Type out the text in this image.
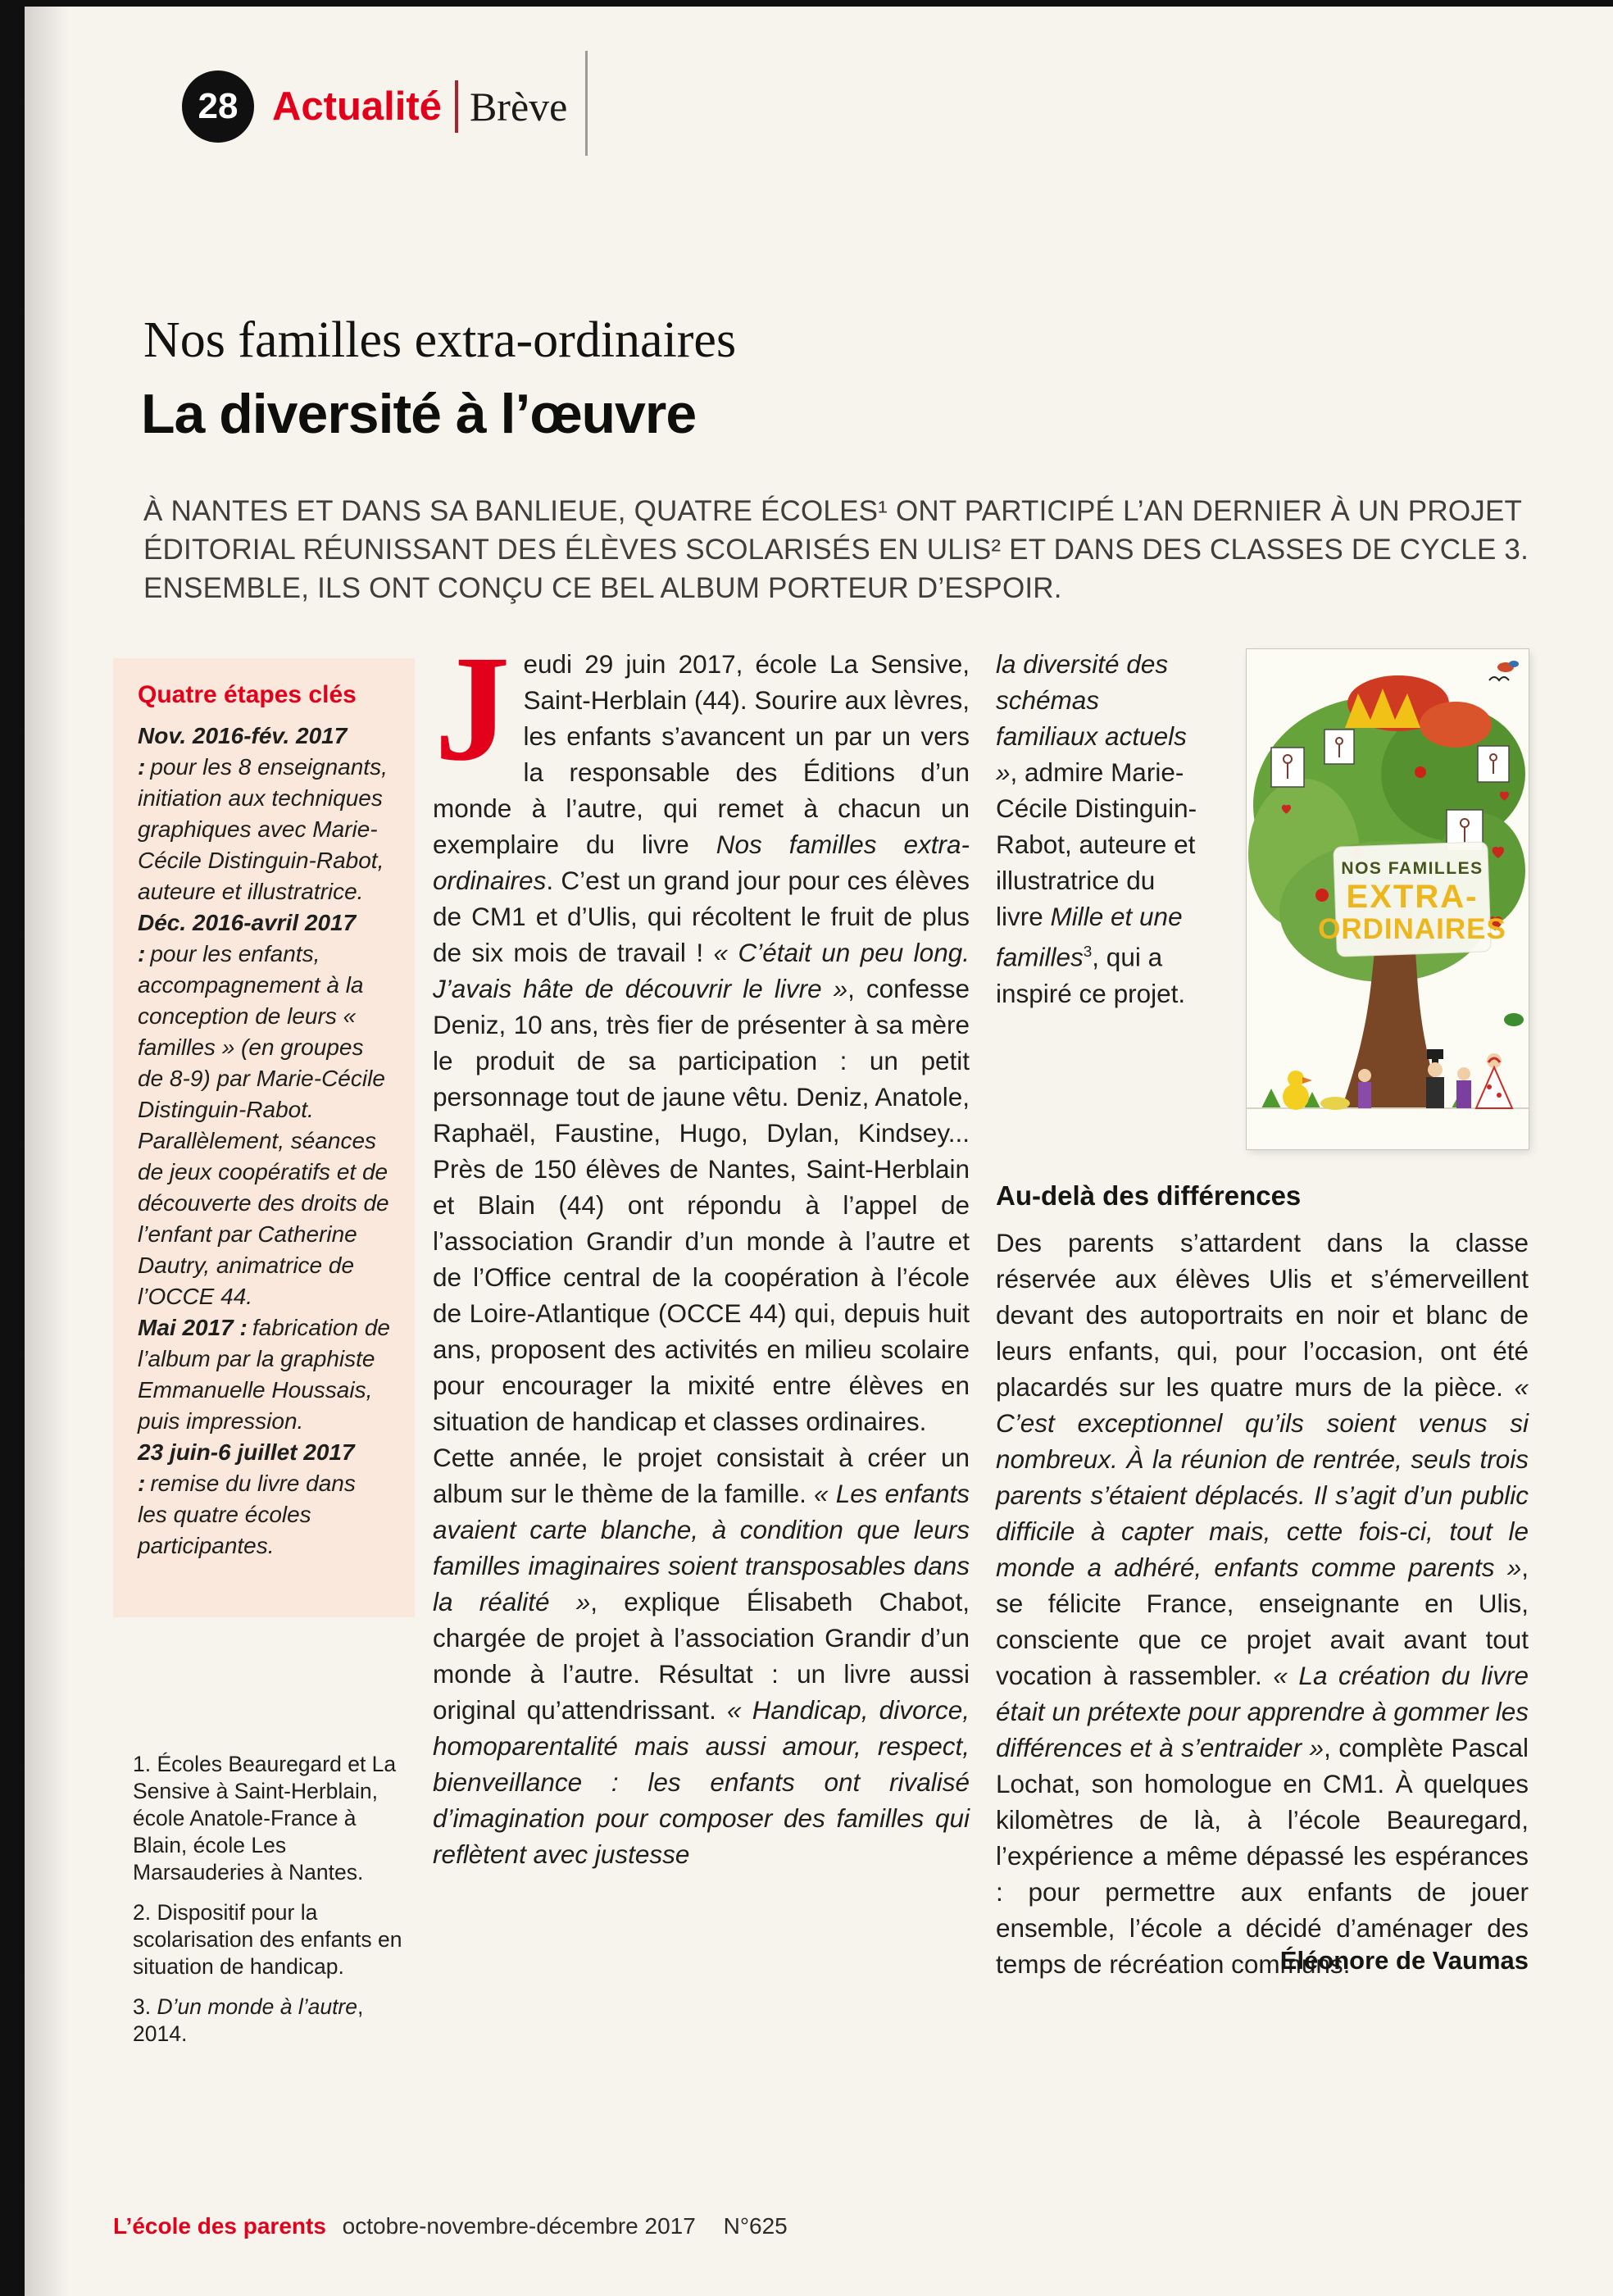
28 Actualité Brève
Nos familles extra-ordinaires
La diversité à l’œuvre

À NANTES ET DANS SA BANLIEUE, QUATRE ÉCOLES¹ ONT PARTICIPÉ L’AN DERNIER À UN PROJET ÉDITORIAL RÉUNISSANT DES ÉLÈVES SCOLARISÉS EN ULIS² ET DANS DES CLASSES DE CYCLE 3. ENSEMBLE, ILS ONT CONÇU CE BEL ALBUM PORTEUR D’ESPOIR.

Quatre étapes clés

Nov. 2016-fév. 2017 : pour les 8 enseignants, initiation aux techniques graphiques avec Marie-Cécile Distinguin-Rabot, auteure et illustratrice.

Déc. 2016-avril 2017 : pour les enfants, accompagnement à la conception de leurs « familles » (en groupes de 8-9) par Marie-Cécile Distinguin-Rabot. Parallèlement, séances de jeux coopératifs et de découverte des droits de l’enfant par Catherine Dautry, animatrice de l’OCCE 44.

Mai 2017 : fabrication de l’album par la graphiste Emmanuelle Houssais, puis impression.

23 juin-6 juillet 2017 : remise du livre dans les quatre écoles participantes.

1. Écoles Beauregard et La Sensive à Saint-Herblain, école Anatole-France à Blain, école Les Marsauderies à Nantes.

2. Dispositif pour la scolarisation des enfants en situation de handicap.

3. D’un monde à l’autre, 2014.

Jeudi 29 juin 2017, école La Sensive, Saint-Herblain (44). Sourire aux lèvres, les enfants s’avancent un par un vers la responsable des Éditions d’un monde à l’autre, qui remet à chacun un exemplaire du livre Nos familles extra-ordinaires. C’est un grand jour pour ces élèves de CM1 et d’Ulis, qui récoltent le fruit de plus de six mois de travail ! « C’était un peu long. J’avais hâte de découvrir le livre », confesse Deniz, 10 ans, très fier de présenter à sa mère le produit de sa participation : un petit personnage tout de jaune vêtu. Deniz, Anatole, Raphaël, Faustine, Hugo, Dylan, Kindsey... Près de 150 élèves de Nantes, Saint-Herblain et Blain (44) ont répondu à l’appel de l’association Grandir d’un monde à l’autre et de l’Office central de la coopération à l’école de Loire-Atlantique (OCCE 44) qui, depuis huit ans, proposent des activités en milieu scolaire pour encourager la mixité entre élèves en situation de handicap et classes ordinaires.

Cette année, le projet consistait à créer un album sur le thème de la famille. « Les enfants avaient carte blanche, à condition que leurs familles imaginaires soient transposables dans la réalité », explique Élisabeth Chabot, chargée de projet à l’association Grandir d’un monde à l’autre. Résultat : un livre aussi original qu’attendrissant. « Handicap, divorce, homoparentalité mais aussi amour, respect, bienveillance : les enfants ont rivalisé d’imagination pour composer des familles qui reflètent avec justesse

la diversité des schémas familiaux actuels », admire Marie-Cécile Distinguin-Rabot, auteure et illustratrice du livre Mille et une familles$^3$, qui a inspiré ce projet.

NOS FAMILLES
EXTRA-
ORDINAIRES
Au-delà des différences

Des parents s’attardent dans la classe réservée aux élèves Ulis et s’émerveillent devant des autoportraits en noir et blanc de leurs enfants, qui, pour l’occasion, ont été placardés sur les quatre murs de la pièce. « C’est exceptionnel qu’ils soient venus si nombreux. À la réunion de rentrée, seuls trois parents s’étaient déplacés. Il s’agit d’un public difficile à capter mais, cette fois-ci, tout le monde a adhéré, enfants comme parents », se félicite France, enseignante en Ulis, consciente que ce projet avait avant tout vocation à rassembler. « La création du livre était un prétexte pour apprendre à gommer les différences et à s’entraider », complète Pascal Lochat, son homologue en CM1. À quelques kilomètres de là, à l’école Beauregard, l’expérience a même dépassé les espérances : pour permettre aux enfants de jouer ensemble, l’école a décidé d’aménager des temps de récréation communs.

Éléonore de Vaumas
L’école des parents octobre-novembre-décembre 2017 N°625
